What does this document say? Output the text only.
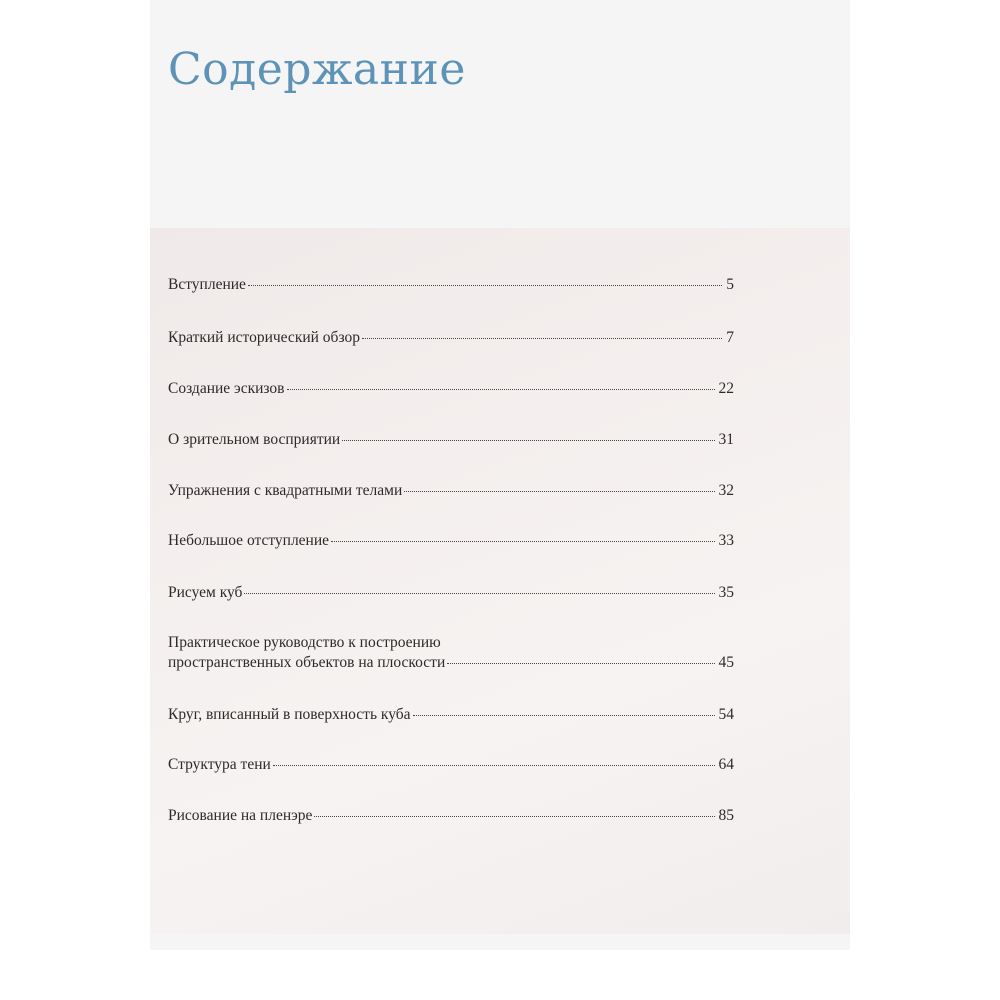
Содержание
Вступление	5
Краткий исторический обзор	7
Создание эскизов	22
О зрительном восприятии	31
Упражнения с квадратными телами	32
Небольшое отступление	33
Рисуем куб	35
Практическое руководство к построению
пространственных объектов на плоскости	45
Круг, вписанный в поверхность куба	54
Структура тени	64
Рисование на пленэре	85
